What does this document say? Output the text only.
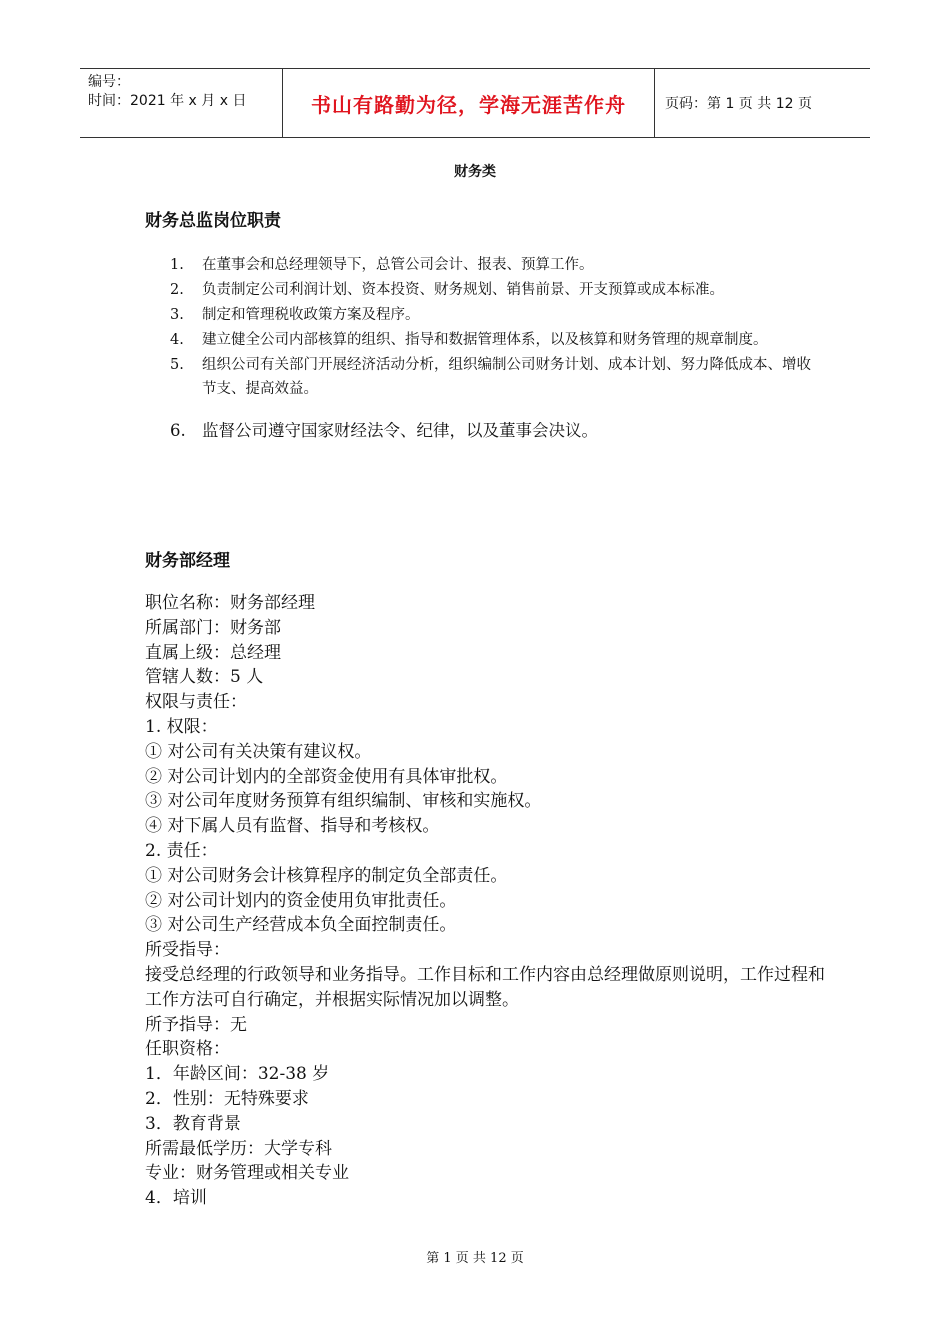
编号：
时间：2021 年 x 月 x 日	书山有路勤为径，学海无涯苦作舟	页码：第 1 页 共 12 页
财务类
财务总监岗位职责
1.	在董事会和总经理领导下，总管公司会计、报表、预算工作。
2.	负责制定公司利润计划、资本投资、财务规划、销售前景、开支预算或成本标准。
3.	制定和管理税收政策方案及程序。
4.	建立健全公司内部核算的组织、指导和数据管理体系，以及核算和财务管理的规章制度。
5.	组织公司有关部门开展经济活动分析，组织编制公司财务计划、成本计划、努力降低成本、增收节支、提高效益。
6. 监督公司遵守国家财经法令、纪律，以及董事会决议。
财务部经理
职位名称：财务部经理
所属部门：财务部
直属上级：总经理
管辖人数：5 人
权限与责任：
1. 权限：
① 对公司有关决策有建议权。
② 对公司计划内的全部资金使用有具体审批权。
③ 对公司年度财务预算有组织编制、审核和实施权。
④ 对下属人员有监督、指导和考核权。
2. 责任：
① 对公司财务会计核算程序的制定负全部责任。
② 对公司计划内的资金使用负审批责任。
③ 对公司生产经营成本负全面控制责任。
所受指导：
接受总经理的行政领导和业务指导。工作目标和工作内容由总经理做原则说明，工作过程和工作方法可自行确定，并根据实际情况加以调整。
所予指导：无
任职资格：
1．年龄区间：32-38 岁
2．性别：无特殊要求
3．教育背景
所需最低学历：大学专科
专业：财务管理或相关专业
4．培训
第 1 页 共 12 页
